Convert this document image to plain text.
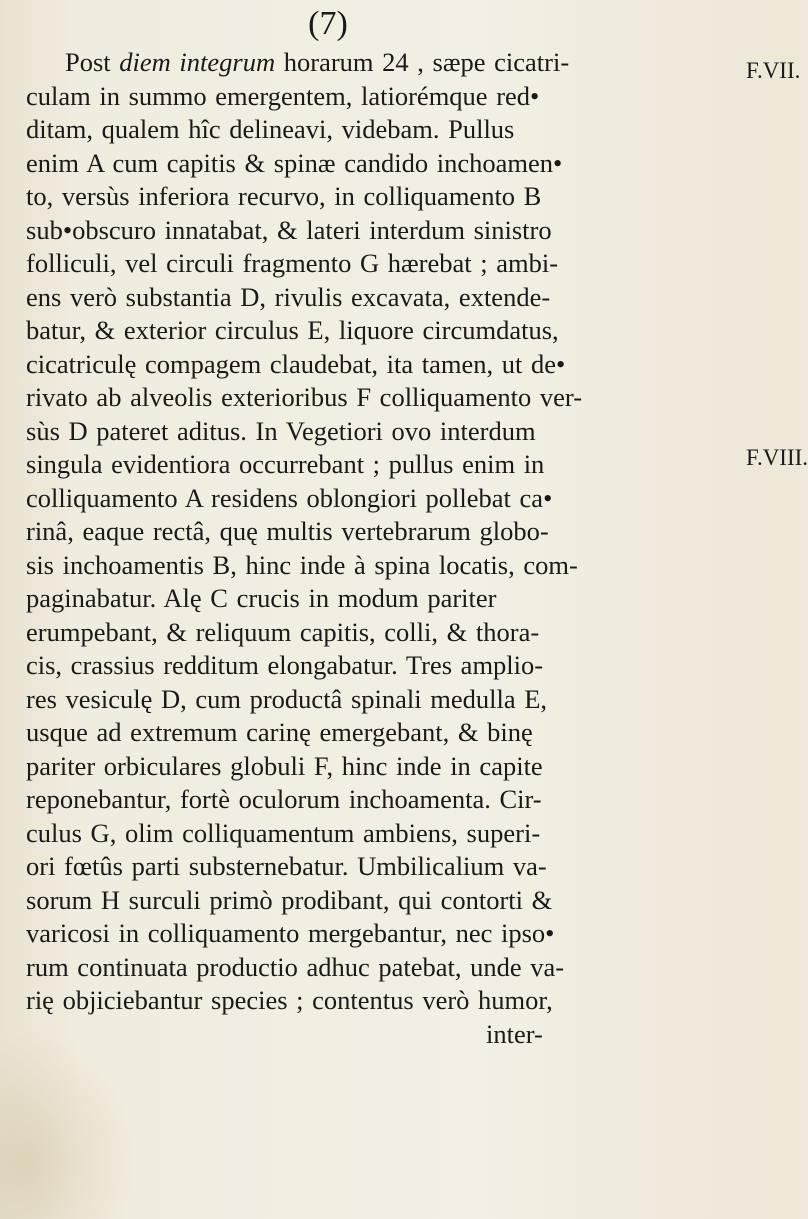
(7)
F.VII.
F.VIII.
Post diem integrum horarum 24 , sæpe cicatri-
culam in summo emergentem, latiorémque red•
ditam, qualem hîc delineavi, videbam. Pullus
enim A cum capitis & spinæ candido inchoamen•
to, versùs inferiora recurvo, in colliquamento B
sub•obscuro innatabat, & lateri interdum sinistro
folliculi, vel circuli fragmento G hærebat ; ambi-
ens verò substantia D, rivulis excavata, extende-
batur, & exterior circulus E, liquore circumdatus,
cicatriculę compagem claudebat, ita tamen, ut de•
rivato ab alveolis exterioribus F colliquamento ver-
sùs D pateret aditus. In Vegetiori ovo interdum
singula evidentiora occurrebant ; pullus enim in
colliquamento A residens oblongiori pollebat ca•
rinâ, eaque rectâ, quę multis vertebrarum globo-
sis inchoamentis B, hinc inde à spina locatis, com-
paginabatur. Alę C crucis in modum pariter
erumpebant, & reliquum capitis, colli, & thora-
cis, crassius redditum elongabatur. Tres amplio-
res vesiculę D, cum productâ spinali medulla E,
usque ad extremum carinę emergebant, & binę
pariter orbiculares globuli F, hinc inde in capite
reponebantur, fortè oculorum inchoamenta. Cir-
culus G, olim colliquamentum ambiens, superi-
ori fœtûs parti substernebatur. Umbilicalium va-
sorum H surculi primò prodibant, qui contorti &
varicosi in colliquamento mergebantur, nec ipso•
rum continuata productio adhuc patebat, unde va-
rię objiciebantur species ; contentus verò humor,
inter-
